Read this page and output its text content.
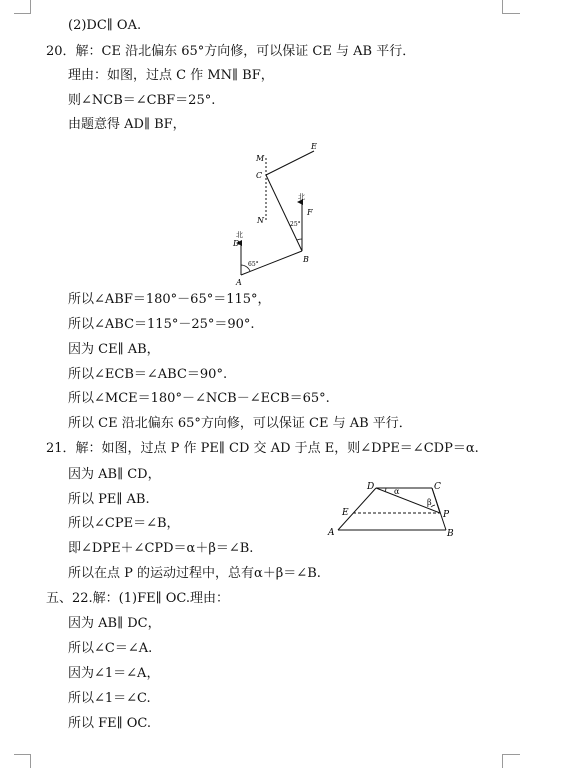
(2)DC∥ OA.
20．解：CE 沿北偏东 65°方向修，可以保证 CE 与 AB 平行．
理由：如图，过点 C 作 MN∥ BF，
则∠NCB＝∠CBF＝25°.
由题意得 AD∥ BF，
所以∠ABF＝180°－65°＝115°，
所以∠ABC＝115°－25°＝90°.
因为 CE∥ AB，
所以∠ECB＝∠ABC＝90°.
所以∠MCE＝180°－∠NCB－∠ECB＝65°.
所以 CE 沿北偏东 65°方向修，可以保证 CE 与 AB 平行．
21．解：如图，过点 P 作 PE∥ CD 交 AD 于点 E，则∠DPE＝∠CDP＝α.
因为 AB∥ CD，
所以 PE∥ AB.
所以∠CPE＝∠B，
即∠DPE＋∠CPD＝α＋β＝∠B.
所以在点 P 的运动过程中，总有α＋β＝∠B.
五、22.解：(1)FE∥ OC.理由：
因为 AB∥ DC，
所以∠C＝∠A.
因为∠1＝∠A，
所以∠1＝∠C.
所以 FE∥ OC.
M
C
E
N
北
D
A
65°
北
F
25°
B
D	C
α
β
E	P
A	B
